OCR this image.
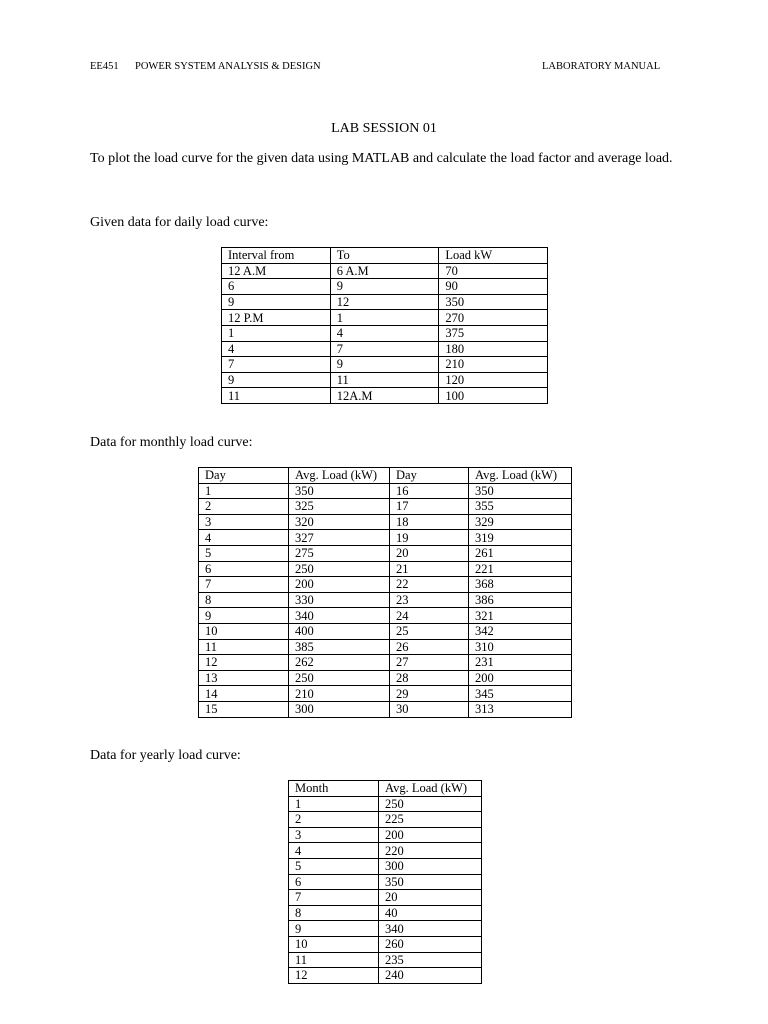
EE451 POWER SYSTEM ANALYSIS & DESIGN	LABORATORY MANUAL
LAB SESSION 01
To plot the load curve for the given data using MATLAB and calculate the load factor and average load.
Given data for daily load curve:
Interval from	To	Load kW
12 A.M	6 A.M	70
6	9	90
9	12	350
12 P.M	1	270
1	4	375
4	7	180
7	9	210
9	11	120
11	12A.M	100
Data for monthly load curve:
Day	Avg. Load (kW)	Day	Avg. Load (kW)
1	350	16	350
2	325	17	355
3	320	18	329
4	327	19	319
5	275	20	261
6	250	21	221
7	200	22	368
8	330	23	386
9	340	24	321
10	400	25	342
11	385	26	310
12	262	27	231
13	250	28	200
14	210	29	345
15	300	30	313
Data for yearly load curve:
Month	Avg. Load (kW)
1	250
2	225
3	200
4	220
5	300
6	350
7	20
8	40
9	340
10	260
11	235
12	240
